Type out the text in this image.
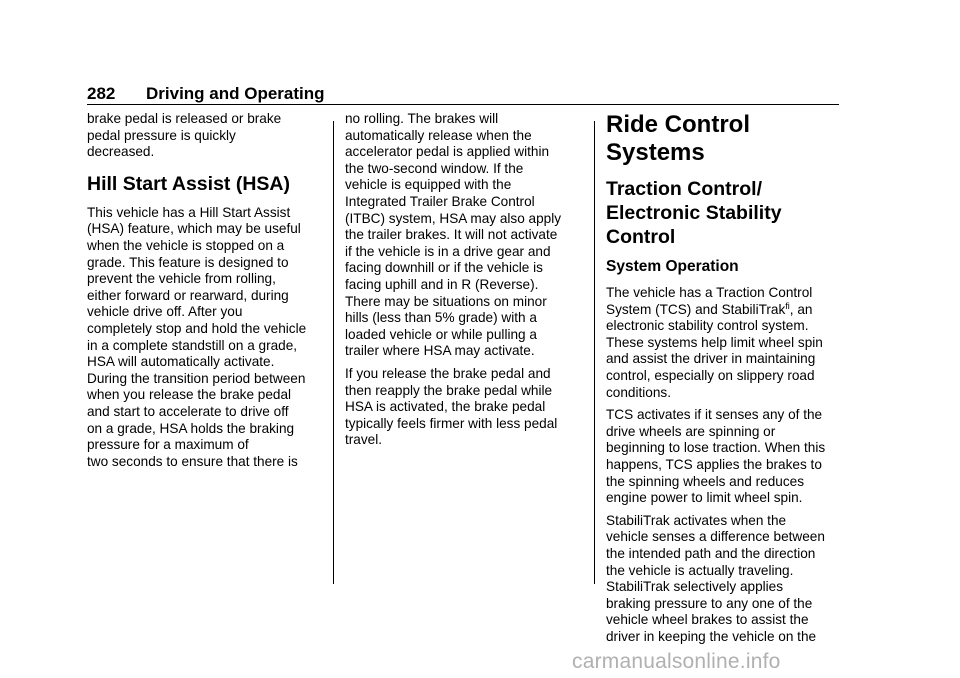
282 Driving and Operating
brake pedal is released or brake
pedal pressure is quickly
decreased.
Hill Start Assist (HSA)
This vehicle has a Hill Start Assist
(HSA) feature, which may be useful
when the vehicle is stopped on a
grade. This feature is designed to
prevent the vehicle from rolling,
either forward or rearward, during
vehicle drive off. After you
completely stop and hold the vehicle
in a complete standstill on a grade,
HSA will automatically activate.
During the transition period between
when you release the brake pedal
and start to accelerate to drive off
on a grade, HSA holds the braking
pressure for a maximum of
two seconds to ensure that there is
no rolling. The brakes will
automatically release when the
accelerator pedal is applied within
the two-second window. If the
vehicle is equipped with the
Integrated Trailer Brake Control
(ITBC) system, HSA may also apply
the trailer brakes. It will not activate
if the vehicle is in a drive gear and
facing downhill or if the vehicle is
facing uphill and in R (Reverse).
There may be situations on minor
hills (less than 5% grade) with a
loaded vehicle or while pulling a
trailer where HSA may activate.
If you release the brake pedal and
then reapply the brake pedal while
HSA is activated, the brake pedal
typically feels firmer with less pedal
travel.
Ride Control Systems
Traction Control/
Electronic Stability
Control
System Operation
The vehicle has a Traction Control
System (TCS) and StabiliTrak$^{fi}$, an
electronic stability control system.
These systems help limit wheel spin
and assist the driver in maintaining
control, especially on slippery road
conditions.
TCS activates if it senses any of the
drive wheels are spinning or
beginning to lose traction. When this
happens, TCS applies the brakes to
the spinning wheels and reduces
engine power to limit wheel spin.
StabiliTrak activates when the
vehicle senses a difference between
the intended path and the direction
the vehicle is actually traveling.
StabiliTrak selectively applies
braking pressure to any one of the
vehicle wheel brakes to assist the
driver in keeping the vehicle on the
carmanualsonline.info
